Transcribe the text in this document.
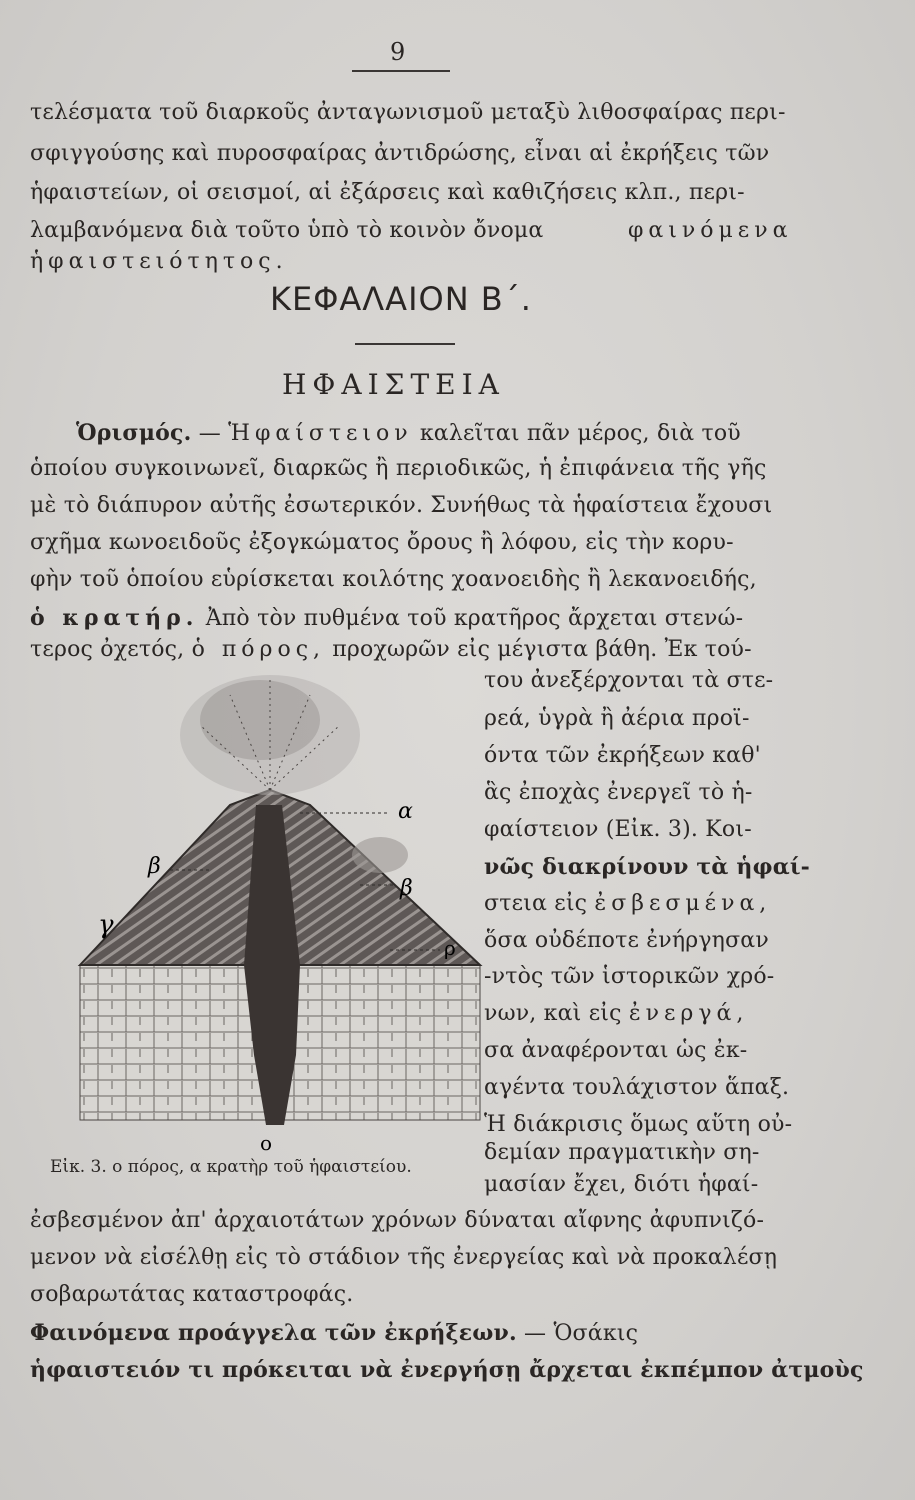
9
τελέσματα τοῦ διαρκοῦς ἀνταγωνισμοῦ μεταξὺ λιθοσφαίρας περι-
σφιγγούσης καὶ πυροσφαίρας ἀντιδρώσης, εἶναι αἱ ἐκρήξεις τῶν
ἡφαιστείων, οἱ σεισμοί, αἱ ἐξάρσεις καὶ καθιζήσεις κλπ., περι-
λαμβανόμενα διὰ τοῦτο ὑπὸ τὸ κοινὸν ὄνομα	φαινόμενα
ἡφαιστειότητος.
ΚΕΦΑΛΑΙΟΝ Β΄.
ΗΦΑΙΣΤΕΙΑ
Ὁρισμός. — Ἡφαίστειον καλεῖται πᾶν μέρος, διὰ τοῦ
ὁποίου συγκοινωνεῖ, διαρκῶς ἢ περιοδικῶς, ἡ ἐπιφάνεια τῆς γῆς
μὲ τὸ διάπυρον αὐτῆς ἐσωτερικόν. Συνήθως τὰ ἡφαίστεια ἔχουσι
σχῆμα κωνοειδοῦς ἐξογκώματος ὄρους ἢ λόφου, εἰς τὴν κορυ-
φὴν τοῦ ὁποίου εὑρίσκεται κοιλότης χοανοειδὴς ἢ λεκανοειδής,
ὁ κρατήρ. Ἀπὸ τὸν πυθμένα τοῦ κρατῆρος ἄρχεται στενώ-
τερος ὀχετός, ὁ πόρος, προχωρῶν εἰς μέγιστα βάθη. Ἐκ τού-
του ἀνεξέρχονται τὰ στε-
ρεά, ὑγρὰ ἢ ἀέρια προϊ-
όντα τῶν ἐκρήξεων καθ'
ἃς ἐποχὰς ἐνεργεῖ τὸ ἡ-
φαίστειον (Εἰκ. 3). Κοι-
νῶς διακρίνουν τὰ ἡφαί-
στεια εἰς ἐσβεσμένα,
ὅσα οὐδέποτε ἐνήργησαν
-ντὸς τῶν ἱστορικῶν χρό-
νων, καὶ εἰς ἐνεργά,
σα ἀναφέρονται ὡς ἐκ-
αγέντα τουλάχιστον ἅπαξ.
Ἡ διάκρισις ὅμως αὕτη οὐ-
δεμίαν πραγματικὴν ση-
μασίαν ἔχει, διότι ἡφαί-
α
β
β
γ
ρ
ο
Εἰκ. 3. ο πόρος, α κρατὴρ τοῦ ἡφαιστείου.
ἐσβεσμένον ἀπ' ἀρχαιοτάτων χρόνων δύναται αἴφνης ἀφυπνιζό-
μενον νὰ εἰσέλθῃ εἰς τὸ στάδιον τῆς ἐνεργείας καὶ νὰ προκαλέσῃ
σοβαρωτάτας καταστροφάς.
Φαινόμενα προάγγελα τῶν ἐκρήξεων. — Ὁσάκις
ἡφαιστειόν τι πρόκειται νὰ ἐνεργήσῃ ἄρχεται ἐκπέμπον ἀτμοὺς
